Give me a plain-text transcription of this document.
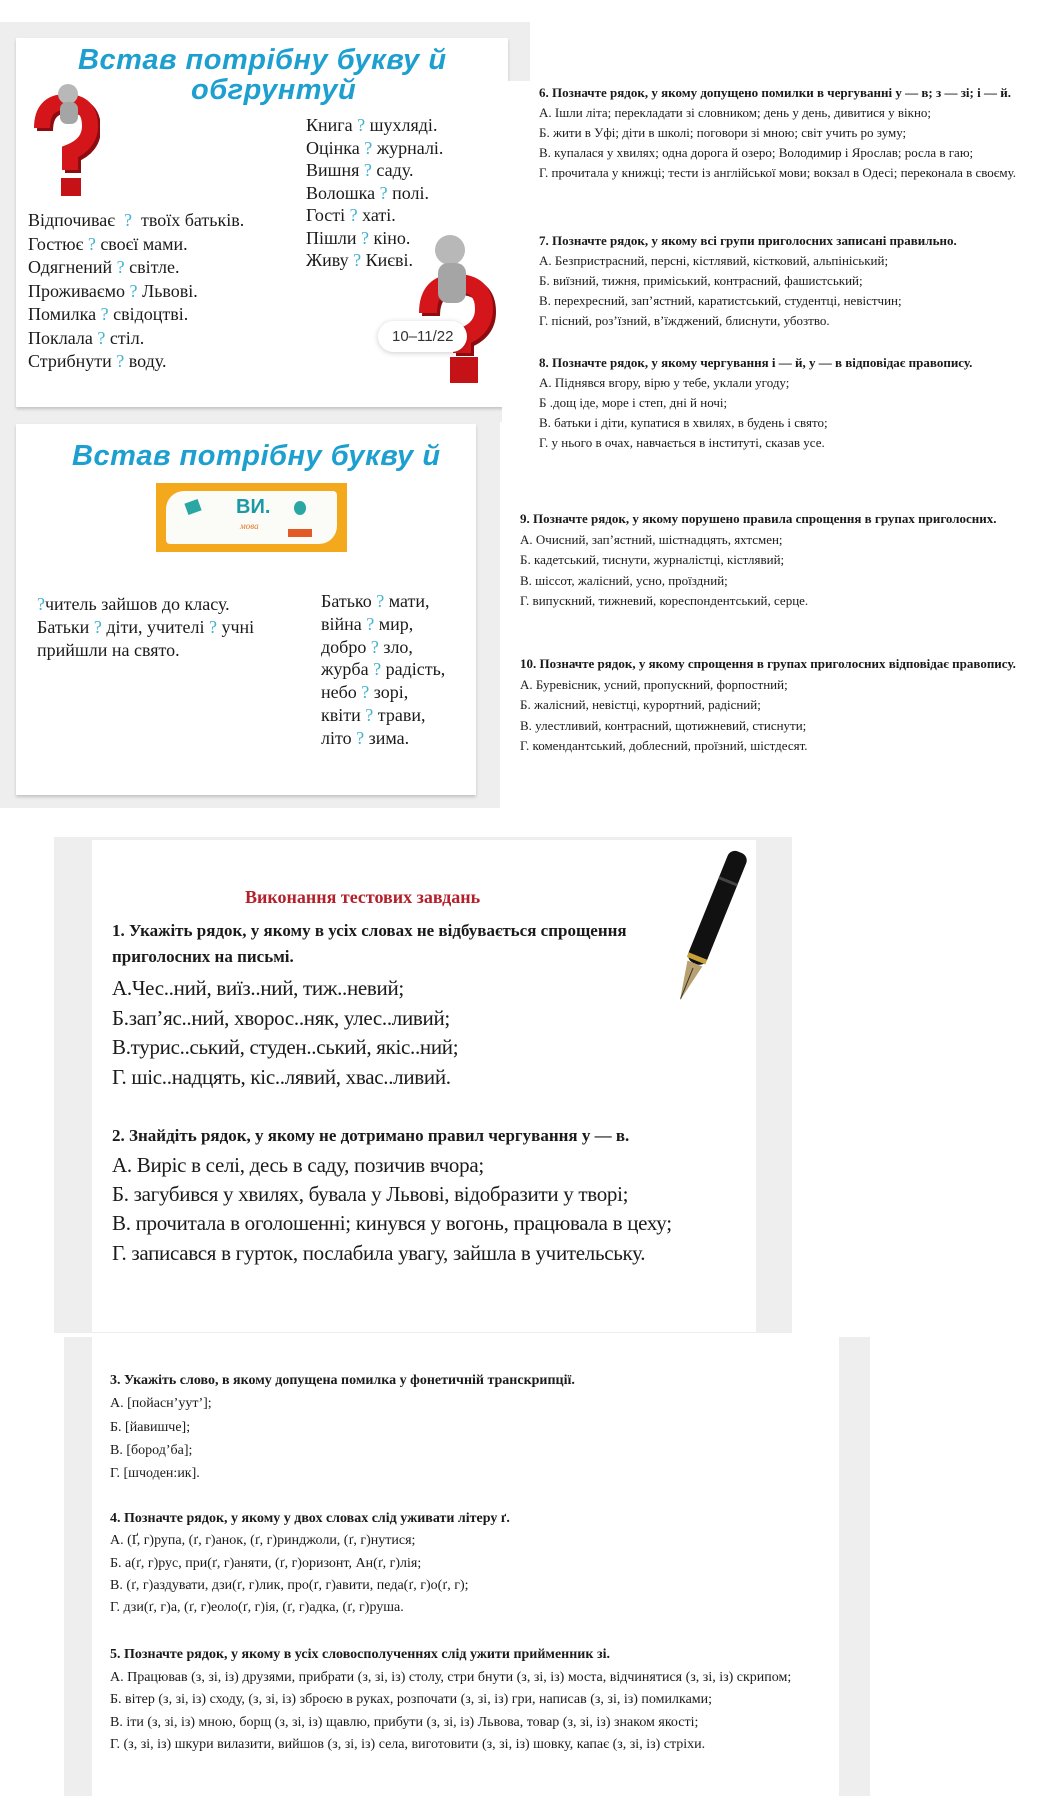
Встав потрібну букву й
обгрунтуй
Книга ? шухляді.
Оцінка ? журналі.
Вишня ? саду.
Волошка ? полі.
Гості ? хаті.
Пішли ? кіно.
Живу ? Києві.
Відпочиває  ?  твоїх батьків.
Гостює ? своєї мами.
Одягнений ? світле.
Проживаємо ? Львові.
Помилка ? свідоцтві.
Поклала ? стіл.
Стрибнути ? воду.
10–11/22
Встав потрібну букву й
ВИ.
мова
?читель зайшов до класу.
Батьки ? діти, учителі ? учні
прийшли на свято.
Батько ? мати,
війна ? мир,
добро ? зло,
журба ? радість,
небо ? зорі,
квіти ? трави,
літо ? зима.
6. Позначте рядок, у якому допущено помилки в чергуванні у — в; з — зі; і — й.
А. Ішли літа; перекладати зі словником; день у день, дивитися у вікно;
Б. жити в Уфі; діти в школі; поговори зі мною; світ учить ро зуму;
В. купалася у хвилях; одна дорога й озеро; Володимир і Ярослав; росла в гаю;
Г. прочитала у книжці; тести із англійської мови; вокзал в Одесі; переконала в своєму.
7. Позначте рядок, у якому всі групи приголосних записані правильно.
А. Безпристрасний, персні, кістлявий, кістковий, альпініський;
Б. виїзний, тижня, приміський, контрасний, фашистський;
В. перехресний, зап’ястний, каратистський, студентці, невістчин;
Г. пісний, роз’їзний, в’їжджений, блиснути, убозтво.
8. Позначте рядок, у якому чергування і — й, у — в відповідає правопису.
А. Піднявся вгору, вірю у тебе, уклали угоду;
Б .дощ іде, море і степ, дні й ночі;
В. батьки і діти, купатися в хвилях, в будень і свято;
Г. у нього в очах, навчається в інституті, сказав усе.
9. Позначте рядок, у якому порушено правила спрощення в групах приголосних.
А. Очисний, зап’ястний, шістнадцять, яхтсмен;
Б. кадетський, тиснути, журналістці, кістлявий;
В. шіссот, жалісний, усно, проїздний;
Г. випускний, тижневий, кореспондентський, серце.
10. Позначте рядок, у якому спрощення в групах приголосних відповідає правопису.
А. Буревісник, усний, пропускний, форпостний;
Б. жалісний, невістці, курортний, радісний;
В. улестливий, контрасний, щотижневий, стиснути;
Г. комендантський, доблесний, проїзний, шістдесят.
Виконання тестових завдань
1. Укажіть рядок, у якому в усіх словах не відбувається спрощення приголосних на письмі.
А.Чес..ний, виїз..ний, тиж..невий;
Б.зап’яс..ний, хворос..няк, улес..ливий;
В.турис..ський, студен..ський, якіс..ний;
Г. шіс..надцять, кіс..лявий, хвас..ливий.
2. Знайдіть рядок, у якому не дотримано правил чергування у — в.
А. Виріс в селі, десь в саду, позичив вчора;
Б. загубився у хвилях, бувала у Львові, відобразити у творі;
В. прочитала в оголошенні; кинувся у вогонь, працювала в цеху;
Г. записався в гурток, послабила увагу, зайшла в учительську.
3. Укажіть слово, в якому допущена помилка у фонетичній транскрипції.
А. [пойасн’уут’];
Б. [йавишче];
В. [бород’ба];
Г. [шчоден:ик].
4. Позначте рядок, у якому у двох словах слід уживати літеру ґ.
А. (Ґ, г)рупа, (ґ, г)анок, (ґ, г)ринджоли, (ґ, г)нутися;
Б. а(ґ, г)рус, при(ґ, г)аняти, (ґ, г)оризонт, Ан(ґ, г)лія;
В. (ґ, г)аздувати, дзи(ґ, г)лик, про(ґ, г)авити, педа(ґ, г)о(ґ, г);
Г. дзи(ґ, г)а, (ґ, г)еоло(ґ, г)ія, (ґ, г)адка, (ґ, г)руша.
5. Позначте рядок, у якому в усіх словосполученнях слід ужити прийменник зі.
А. Працював (з, зі, із) друзями, прибрати (з, зі, із) столу, стри бнути (з, зі, із) моста, відчинятися (з, зі, із) скрипом;
Б. вітер (з, зі, із) сходу, (з, зі, із) зброєю в руках, розпочати (з, зі, із) гри, написав (з, зі, із) помилками;
В. іти (з, зі, із) мною, борщ (з, зі, із) щавлю, прибути (з, зі, із) Львова, товар (з, зі, із) знаком якості;
Г. (з, зі, із) шкури вилазити, вийшов (з, зі, із) села, виготовити (з, зі, із) шовку, капає (з, зі, із) стріхи.
